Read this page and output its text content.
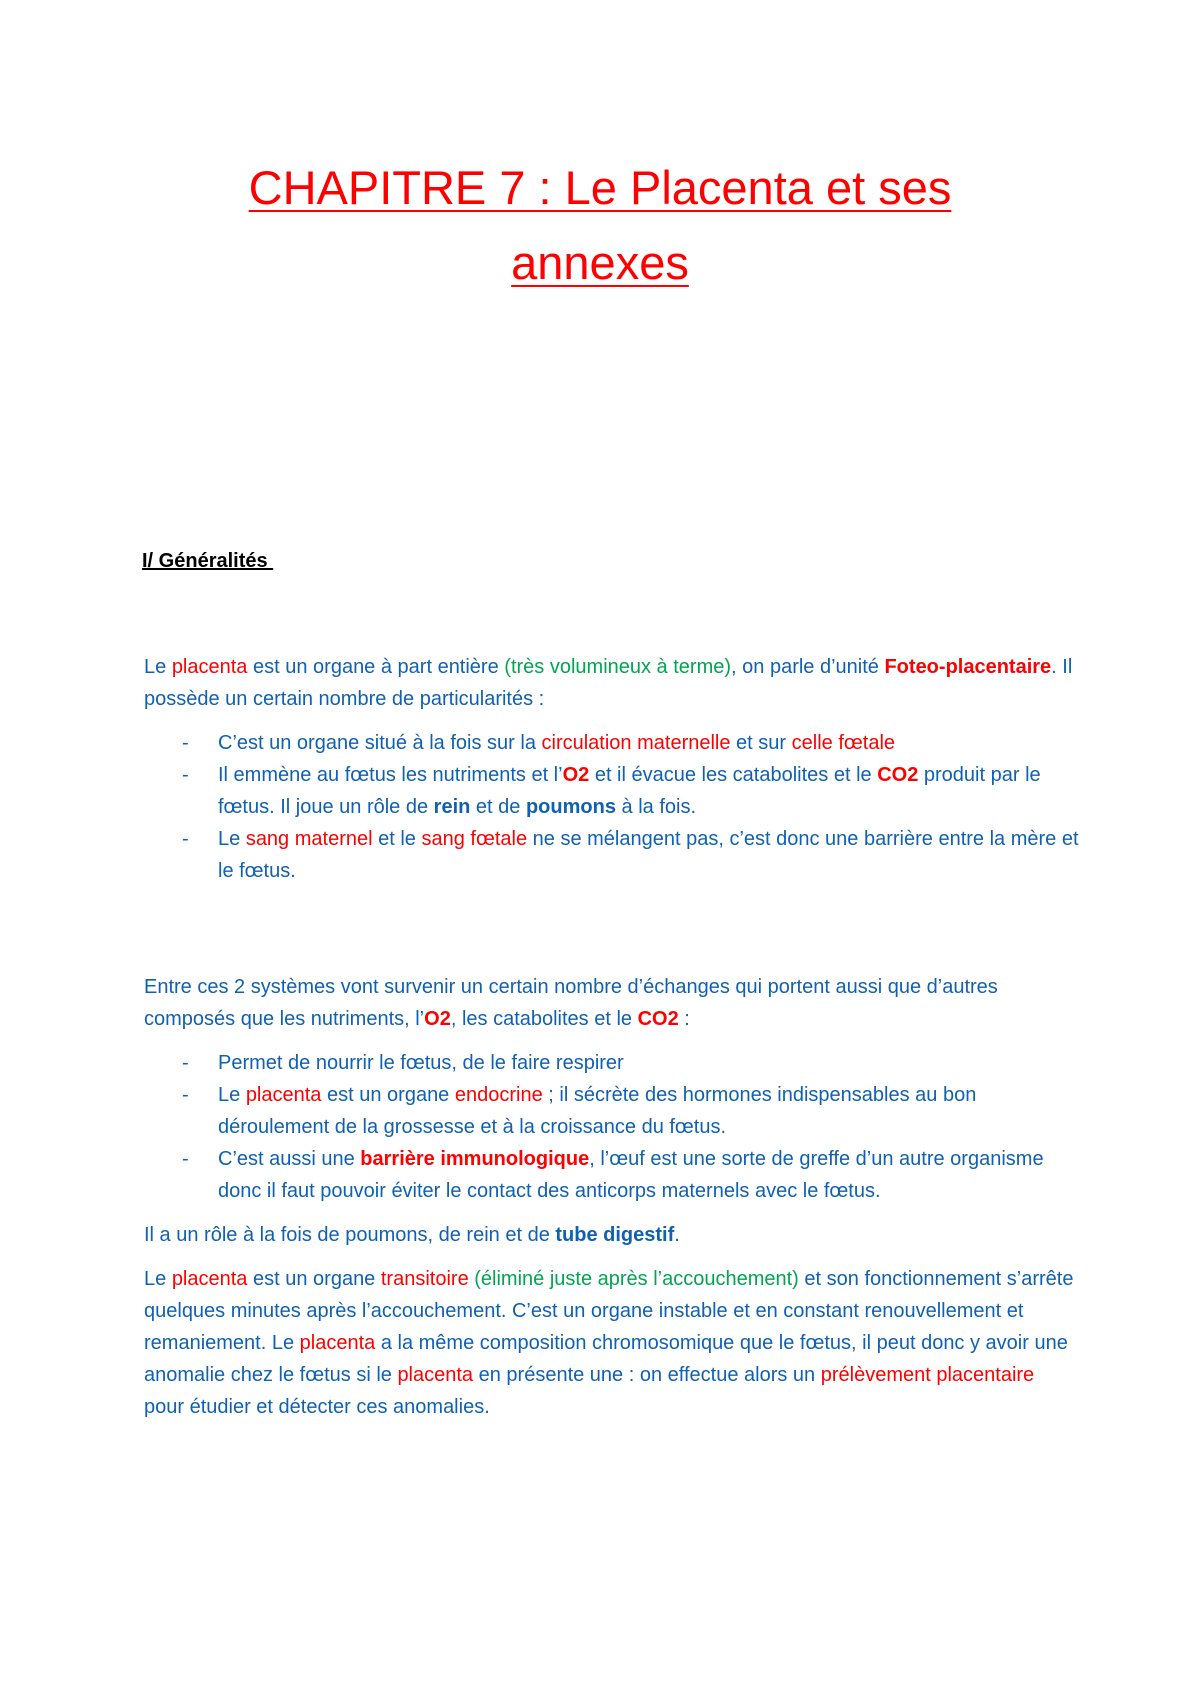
CHAPITRE 7 : Le Placenta et ses
annexes
I/ Généralités

Le placenta est un organe à part entière (très volumineux à terme), on parle d’unité Foteo-placentaire. Il possède un certain nombre de particularités :

- C’est un organe situé à la fois sur la circulation maternelle et sur celle fœtale
- Il emmène au fœtus les nutriments et l’O2 et il évacue les catabolites et le CO2 produit par le fœtus. Il joue un rôle de rein et de poumons à la fois.
- Le sang maternel et le sang fœtale ne se mélangent pas, c’est donc une barrière entre la mère et le fœtus.

Entre ces 2 systèmes vont survenir un certain nombre d’échanges qui portent aussi que d’autres composés que les nutriments, l’O2, les catabolites et le CO2 :

- Permet de nourrir le fœtus, de le faire respirer
- Le placenta est un organe endocrine ; il sécrète des hormones indispensables au bon déroulement de la grossesse et à la croissance du fœtus.
- C’est aussi une barrière immunologique, l’œuf est une sorte de greffe d’un autre organisme donc il faut pouvoir éviter le contact des anticorps maternels avec le fœtus.

Il a un rôle à la fois de poumons, de rein et de tube digestif.

Le placenta est un organe transitoire (éliminé juste après l’accouchement) et son fonctionnement s’arrête quelques minutes après l’accouchement. C’est un organe instable et en constant renouvellement et remaniement. Le placenta a la même composition chromosomique que le fœtus, il peut donc y avoir une anomalie chez le fœtus si le placenta en présente une : on effectue alors un prélèvement placentaire pour étudier et détecter ces anomalies.
